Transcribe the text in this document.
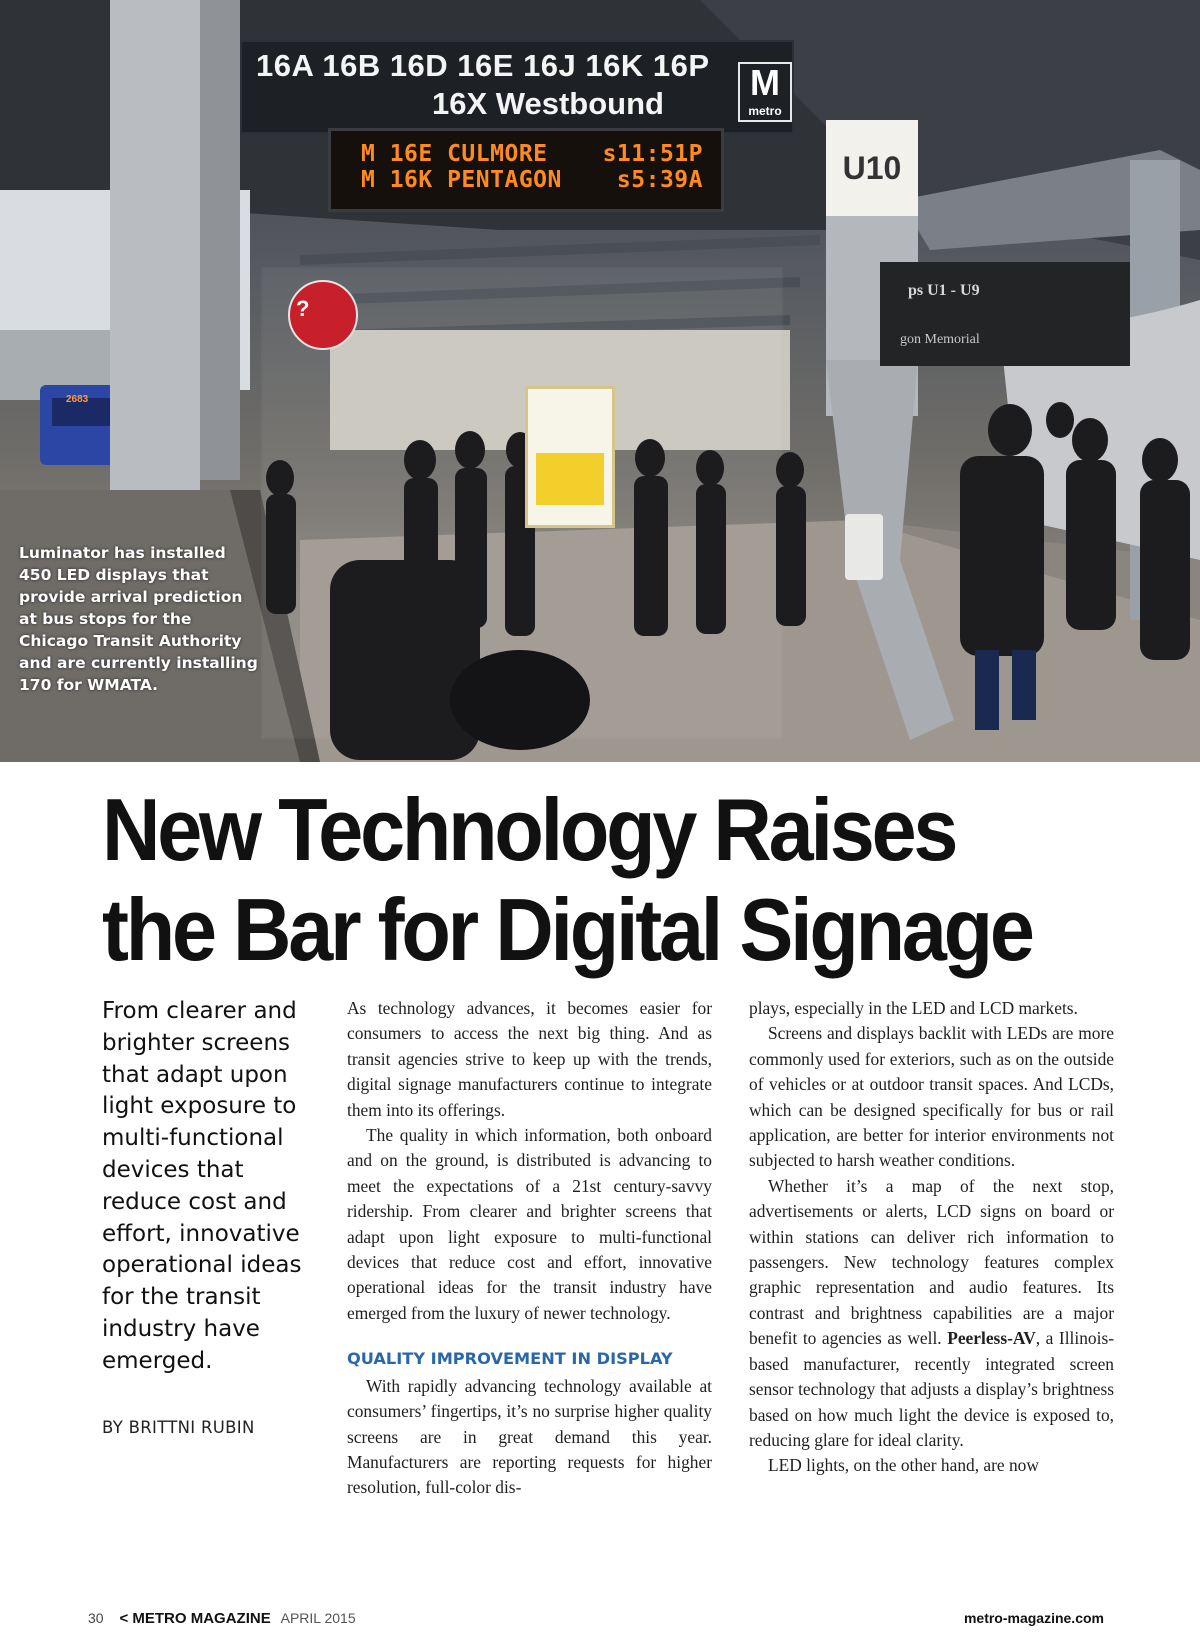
16A 16B 16D 16E 16J 16K 16P
16X Westbound
M
metro
M 16E CULMORE s11:51P
M 16K PENTAGON s5:39A	U10
ps U1 - U9
gon Memorial
?
2683
Luminator has installed 450 LED displays that provide arrival prediction at bus stops for the Chicago Transit Authority and are currently installing 170 for WMATA.
New Technology Raises
the Bar for Digital Signage
From clearer and brighter screens that adapt upon light exposure to multi-functional devices that reduce cost and effort, innovative operational ideas for the transit industry have emerged.
BY BRITTNI RUBIN

As technology advances, it becomes easier for consumers to access the next big thing. And as transit agencies strive to keep up with the trends, digital signage manufacturers continue to integrate them into its offerings.

The quality in which information, both onboard and on the ground, is distributed is advancing to meet the expectations of a 21st century-savvy ridership. From clearer and brighter screens that adapt upon light exposure to multi-functional devices that reduce cost and effort, innovative operational ideas for the transit industry have emerged from the luxury of newer technology.

QUALITY IMPROVEMENT IN DISPLAY

With rapidly advancing technology available at consumers’ fingertips, it’s no surprise higher quality screens are in great demand this year. Manufacturers are reporting requests for higher resolution, full-color dis-

plays, especially in the LED and LCD markets.

Screens and displays backlit with LEDs are more commonly used for exteriors, such as on the outside of vehicles or at outdoor transit spaces. And LCDs, which can be designed specifically for bus or rail application, are better for interior environments not subjected to harsh weather conditions.

Whether it’s a map of the next stop, advertisements or alerts, LCD signs on board or within stations can deliver rich information to passengers. New technology features complex graphic representation and audio features. Its contrast and brightness capabilities are a major benefit to agencies as well. Peerless-AV, a Illinois-based manufacturer, recently integrated screen sensor technology that adjusts a display’s brightness based on how much light the device is exposed to, reducing glare for ideal clarity.

LED lights, on the other hand, are now

30 < METRO MAGAZINE APRIL 2015	metro-magazine.com
